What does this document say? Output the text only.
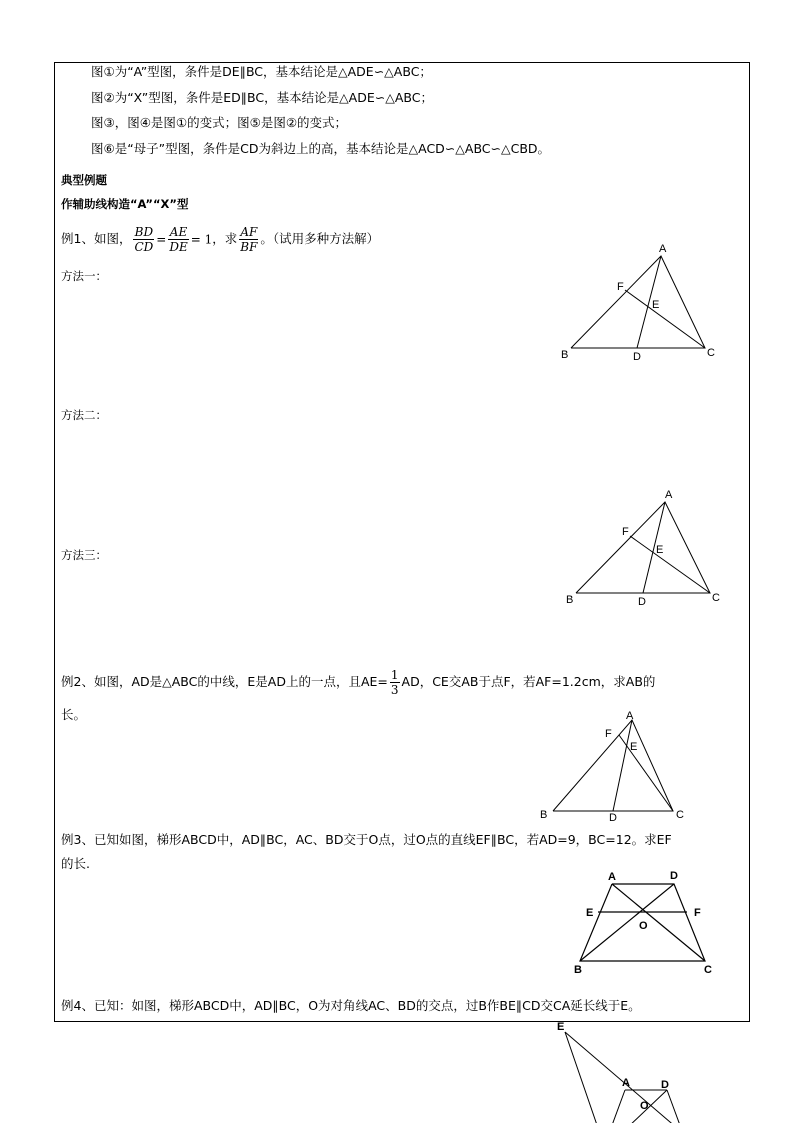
图①为“A”型图，条件是DE∥BC，基本结论是△ADE∽△ABC；
图②为“X”型图，条件是ED∥BC，基本结论是△ADE∽△ABC；
图③，图④是图①的变式；图⑤是图②的变式；
图⑥是“母子”型图，条件是CD为斜边上的高，基本结论是△ACD∽△ABC∽△CBD。
典型例题
作辅助线构造“A”“X”型
例1、如图， $\frac{BD}{CD} = \frac{AE}{DE} = 1$，求 $\frac{AF}{BF}$ 。（试用多种方法解）
方法一：
方法二：
方法三：
A
B	C
D
E
F
A
B	C
D
E
F
例2、如图，AD是△ABC的中线，E是AD上的一点，且$AE= \frac{1}{3}$ AD，CE交AB于点F，若AF=1.2cm，求AB的
长。	A
B	C
D
E
F
例3、已知如图，梯形ABCD中，AD∥BC，AC、BD交于O点，过O点的直线EF∥BC，若AD=9，BC=12。求EF
的长.
A	D
E	F
O
B	C
例4、已知：如图，梯形ABCD中，AD∥BC，O为对角线AC、BD的交点，过B作BE∥CD交CA延长线于E。
E
A	D
O
